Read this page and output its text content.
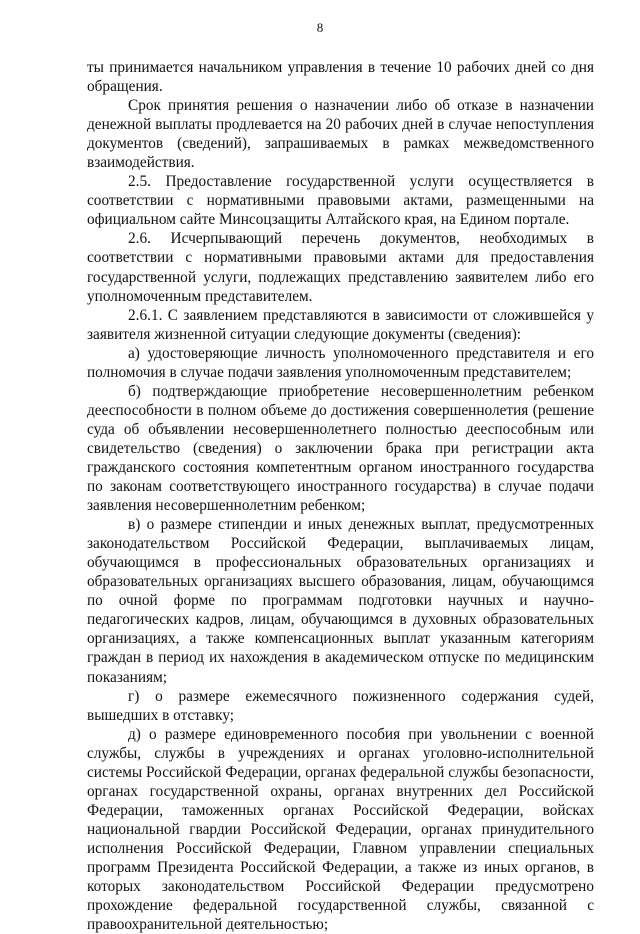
8

ты принимается начальником управления в течение 10 рабочих дней со дня обращения.

Срок принятия решения о назначении либо об отказе в назначении денежной выплаты продлевается на 20 рабочих дней в случае непоступления документов (сведений), запрашиваемых в рамках межведомственного взаимодействия.

2.5. Предоставление государственной услуги осуществляется в соответствии с нормативными правовыми актами, размещенными на официальном сайте Минсоцзащиты Алтайского края, на Едином портале.

2.6. Исчерпывающий перечень документов, необходимых в соответствии с нормативными правовыми актами для предоставления государственной услуги, подлежащих представлению заявителем либо его уполномоченным представителем.

2.6.1. С заявлением представляются в зависимости от сложившейся у заявителя жизненной ситуации следующие документы (сведения):

а) удостоверяющие личность уполномоченного представителя и его полномочия в случае подачи заявления уполномоченным представителем;

б) подтверждающие приобретение несовершеннолетним ребенком дееспособности в полном объеме до достижения совершеннолетия (решение суда об объявлении несовершеннолетнего полностью дееспособным или свидетельство (сведения) о заключении брака при регистрации акта гражданского состояния компетентным органом иностранного государства по законам соответствующего иностранного государства) в случае подачи заявления несовершеннолетним ребенком;

в) о размере стипендии и иных денежных выплат, предусмотренных законодательством Российской Федерации, выплачиваемых лицам, обучающимся в профессиональных образовательных организациях и образовательных организациях высшего образования, лицам, обучающимся по очной форме по программам подготовки научных и научно-педагогических кадров, лицам, обучающимся в духовных образовательных организациях, а также компенсационных выплат указанным категориям граждан в период их нахождения в академическом отпуске по медицинским показаниям;

г) о размере ежемесячного пожизненного содержания судей, вышедших в отставку;

д) о размере единовременного пособия при увольнении с военной службы, службы в учреждениях и органах уголовно-исполнительной системы Российской Федерации, органах федеральной службы безопасности, органах государственной охраны, органах внутренних дел Российской Федерации, таможенных органах Российской Федерации, войсках национальной гвардии Российской Федерации, органах принудительного исполнения Российской Федерации, Главном управлении специальных программ Президента Российской Федерации, а также из иных органов, в которых законодательством Российской Федерации предусмотрено прохождение федеральной государственной службы, связанной с правоохранительной деятельностью;
